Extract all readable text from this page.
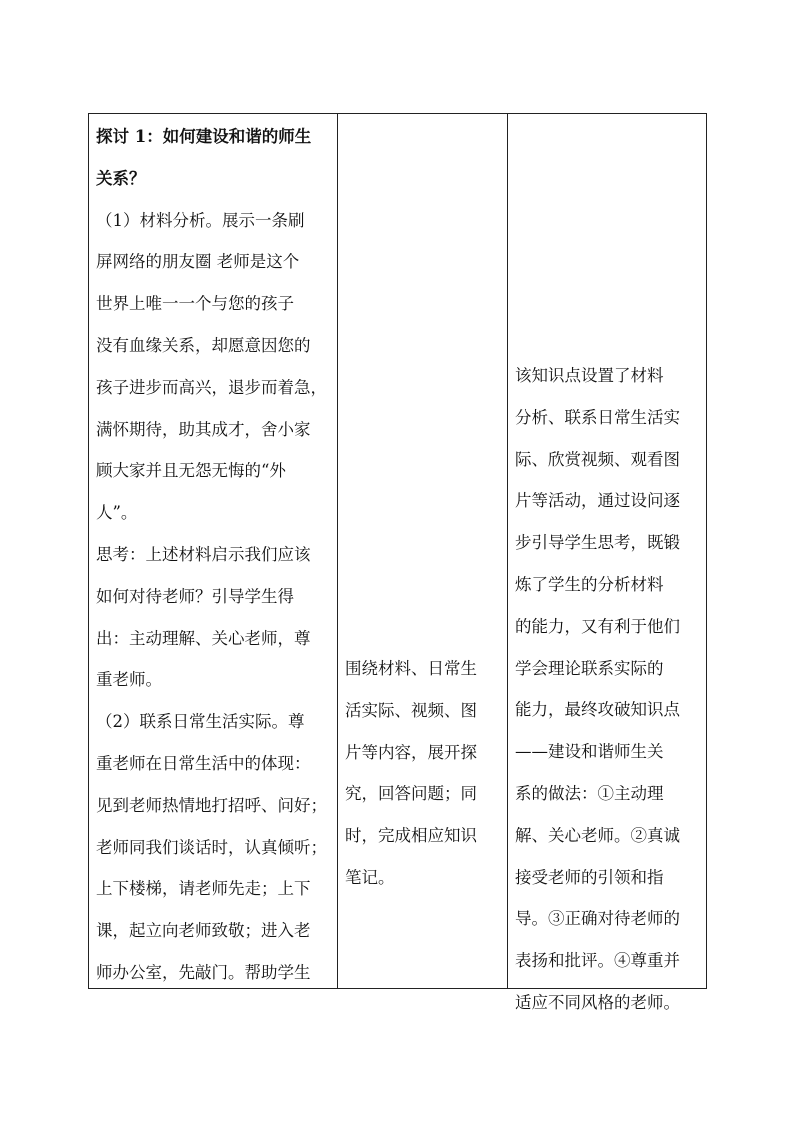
探讨 1：如何建设和谐的师生
关系？
（1）材料分析。展示一条刷
屏网络的朋友圈 老师是这个
世界上唯一一个与您的孩子
没有血缘关系，却愿意因您的
孩子进步而高兴，退步而着急，
满怀期待，助其成才，舍小家
顾大家并且无怨无悔的“外
人”。
思考：上述材料启示我们应该
如何对待老师？引导学生得
出：主动理解、关心老师，尊
重老师。
（2）联系日常生活实际。尊
重老师在日常生活中的体现：
见到老师热情地打招呼、问好；
老师同我们谈话时，认真倾听；
上下楼梯，请老师先走；上下
课，起立向老师致敬；进入老
师办公室，先敲门。帮助学生
围绕材料、日常生
活实际、视频、图
片等内容，展开探
究，回答问题；同
时，完成相应知识
笔记。
该知识点设置了材料
分析、联系日常生活实
际、欣赏视频、观看图
片等活动，通过设问逐
步引导学生思考，既锻
炼了学生的分析材料
的能力，又有利于他们
学会理论联系实际的
能力，最终攻破知识点
——建设和谐师生关
系的做法：①主动理
解、关心老师。②真诚
接受老师的引领和指
导。③正确对待老师的
表扬和批评。④尊重并
适应不同风格的老师。
